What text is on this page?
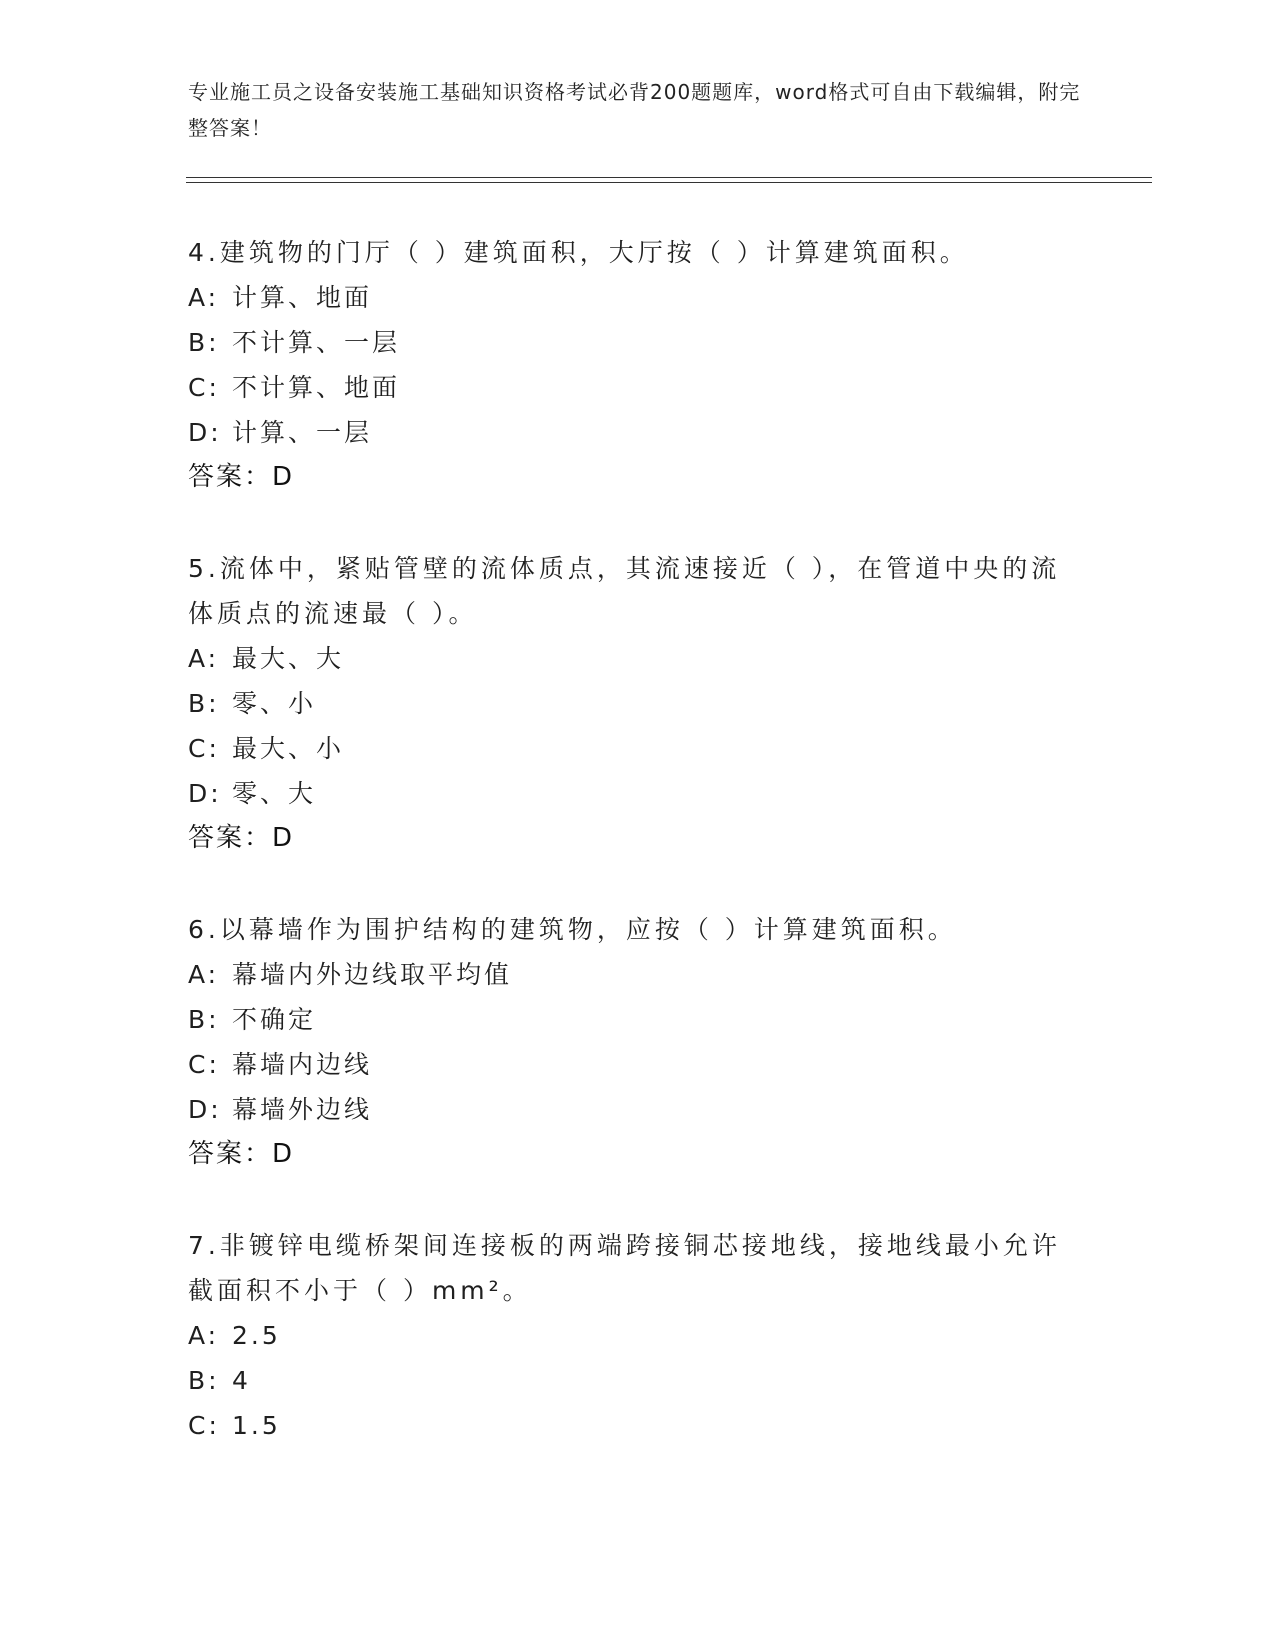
专业施工员之设备安装施工基础知识资格考试必背200题题库，word格式可自由下载编辑，附完整答案！
4.建筑物的门厅（ ）建筑面积，大厅按（ ）计算建筑面积。
A: 计算、地面
B: 不计算、一层
C: 不计算、地面
D: 计算、一层
答案：D
5.流体中，紧贴管壁的流体质点，其流速接近（ ），在管道中央的流体质点的流速最（ ）。
A: 最大、大
B: 零、小
C: 最大、小
D: 零、大
答案：D
6.以幕墙作为围护结构的建筑物，应按（ ）计算建筑面积。
A: 幕墙内外边线取平均值
B: 不确定
C: 幕墙内边线
D: 幕墙外边线
答案：D
7.非镀锌电缆桥架间连接板的两端跨接铜芯接地线，接地线最小允许截面积不小于（ ）mm²。
A: 2.5
B: 4
C: 1.5
